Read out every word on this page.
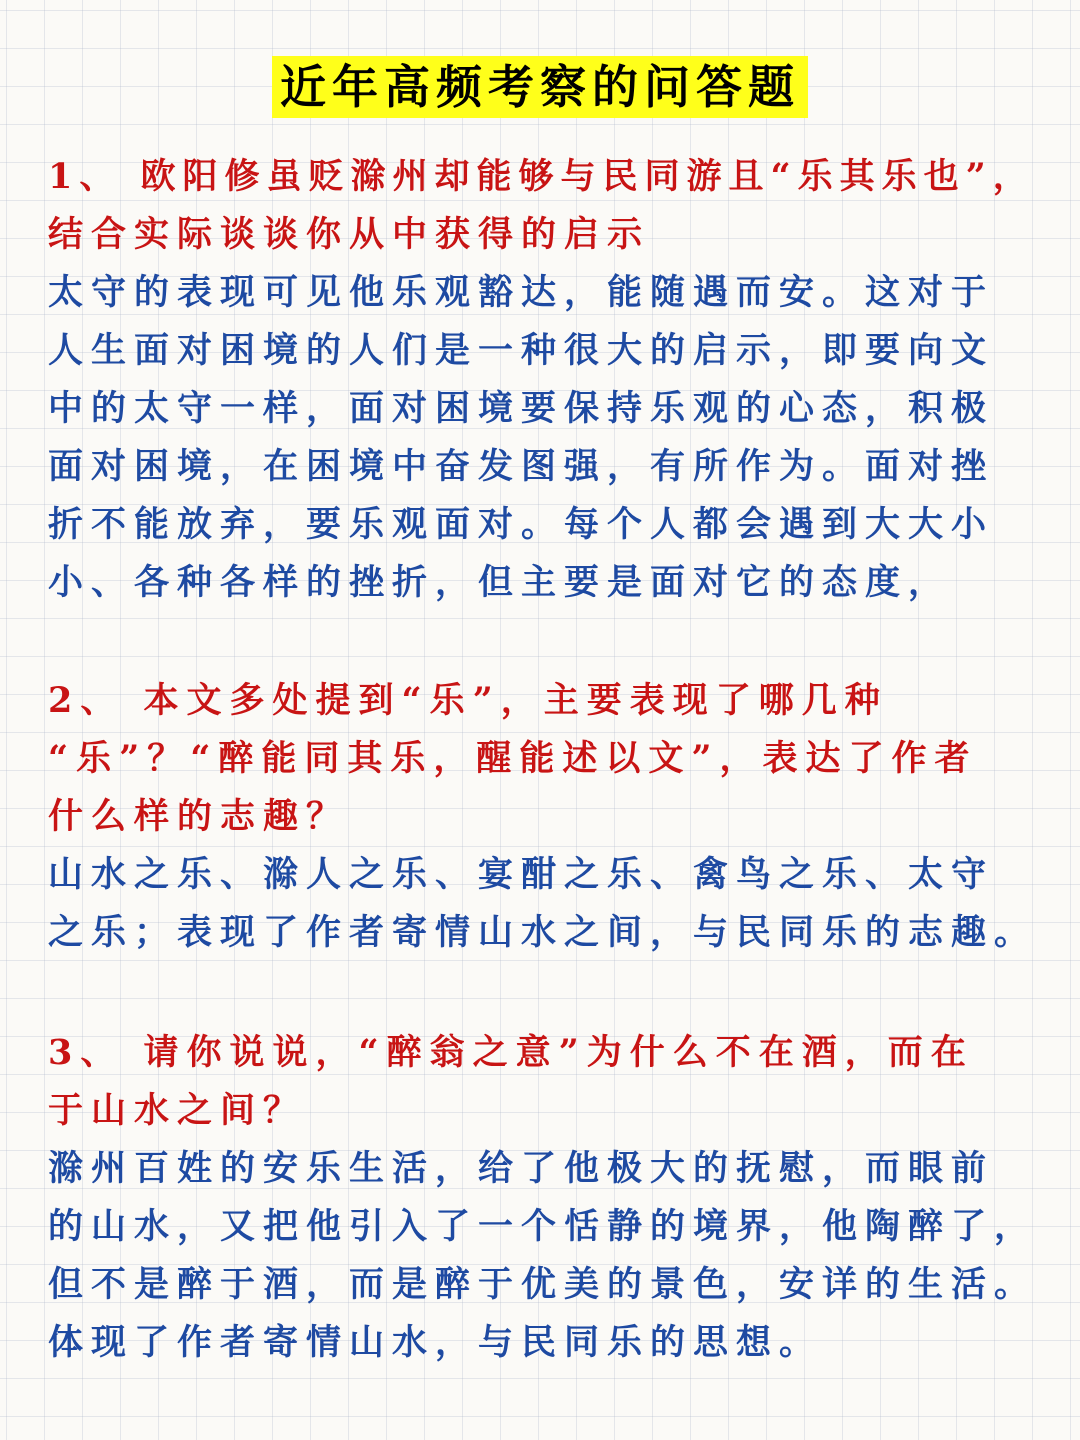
近年高频考察的问答题
1、 欧阳修虽贬滁州却能够与民同游且“乐其乐也”，
结合实际谈谈你从中获得的启示
太守的表现可见他乐观豁达，能随遇而安。这对于
人生面对困境的人们是一种很大的启示，即要向文
中的太守一样，面对困境要保持乐观的心态，积极
面对困境，在困境中奋发图强，有所作为。面对挫
折不能放弃，要乐观面对。每个人都会遇到大大小
小、各种各样的挫折，但主要是面对它的态度，
2、 本文多处提到“乐”，主要表现了哪几种
“乐”？“醉能同其乐，醒能述以文”，表达了作者
什么样的志趣？
山水之乐、滁人之乐、宴酣之乐、禽鸟之乐、太守
之乐；表现了作者寄情山水之间，与民同乐的志趣。
3、 请你说说，“醉翁之意”为什么不在酒，而在
于山水之间？
滁州百姓的安乐生活，给了他极大的抚慰，而眼前
的山水，又把他引入了一个恬静的境界，他陶醉了，
但不是醉于酒，而是醉于优美的景色，安详的生活。
体现了作者寄情山水，与民同乐的思想。
